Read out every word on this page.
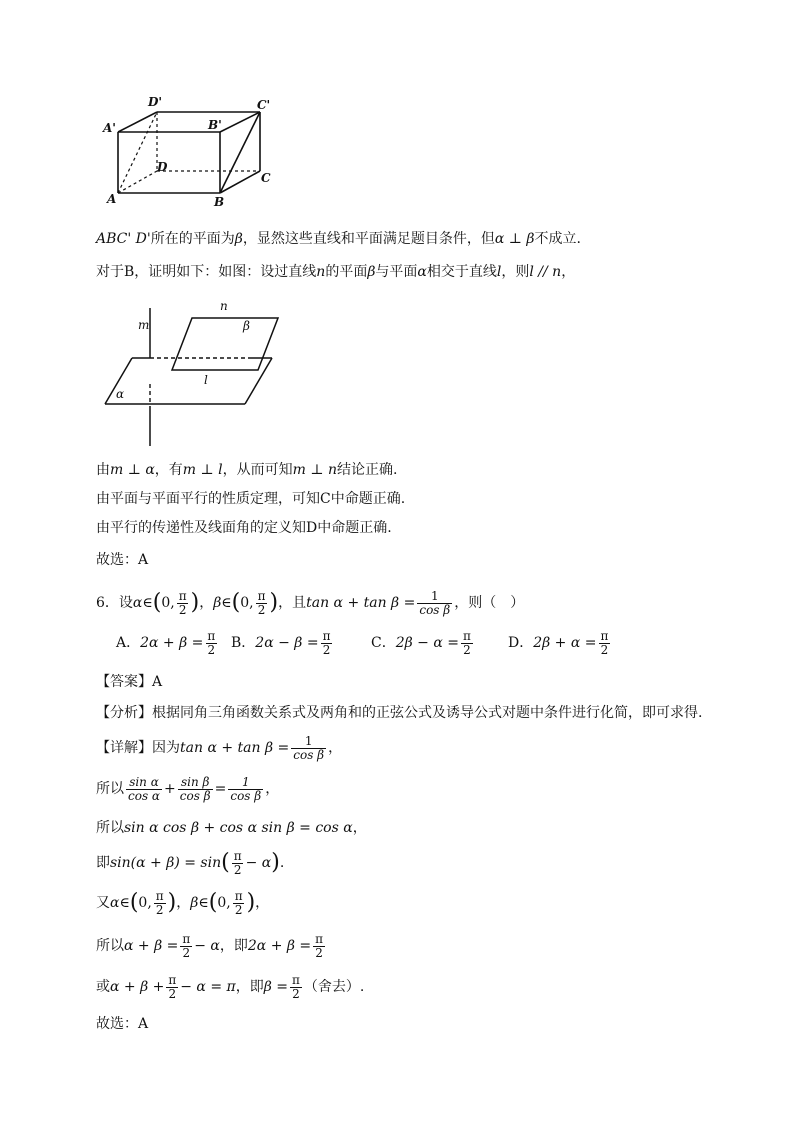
D'	C'
A'	B'
D
C
A	B
ABC' D'所在的平面为β，显然这些直线和平面满足题目条件，但α ⊥ β不成立.
对于B，证明如下：如图：设过直线n的平面β与平面α相交于直线l，则l // n，
m
n
β
l
α
由m ⊥ α，有m ⊥ l，从而可知m ⊥ n结论正确.
由平面与平面平行的性质定理，可知C中命题正确.
由平行的传递性及线面角的定义知D中命题正确.
故选：A
6．设α∈(0, $\frac{\pi}{2}$ )，β∈(0, $\frac{\pi}{2}$ )，且$\tan \alpha + \tan \beta = \frac{1}{\text{cos β}}$ ，则（　）
A．$2\alpha + \beta = \frac{\pi}{2}$ B．$2\alpha - \beta = \frac{\pi}{2}$	C．$2\beta - \alpha = \frac{\pi}{2}$	D．$2\beta + \alpha = \frac{\pi}{2}$
【答案】A
【分析】根据同角三角函数关系式及两角和的正弦公式及诱导公式对题中条件进行化简，即可求得.
【详解】因为$\tan \alpha + \tan \beta = \frac{1}{\text{cos β}}$ ，
所以 $\frac{\text{sin α}}{\text{cos α}} + \frac{\text{sin β}}{\text{cos β}} = \frac{1}{\text{cos β}}$ ，
所以sin α cos β + cos α sin β = cos α，
即$\sin(\alpha + \beta) = \sin( \frac{\pi}{2} - \alpha)$.
又α∈(0, $\frac{\pi}{2}$ )，β∈(0, $\frac{\pi}{2}$ )，
所以$\alpha + \beta = \frac{\pi}{2} - \alpha$，即$2\alpha + \beta = \frac{\pi}{2}$
或$\alpha + \beta + \frac{\pi}{2} - \alpha = \pi$，即$\beta = \frac{\pi}{2}$ （舍去）.
故选：A
